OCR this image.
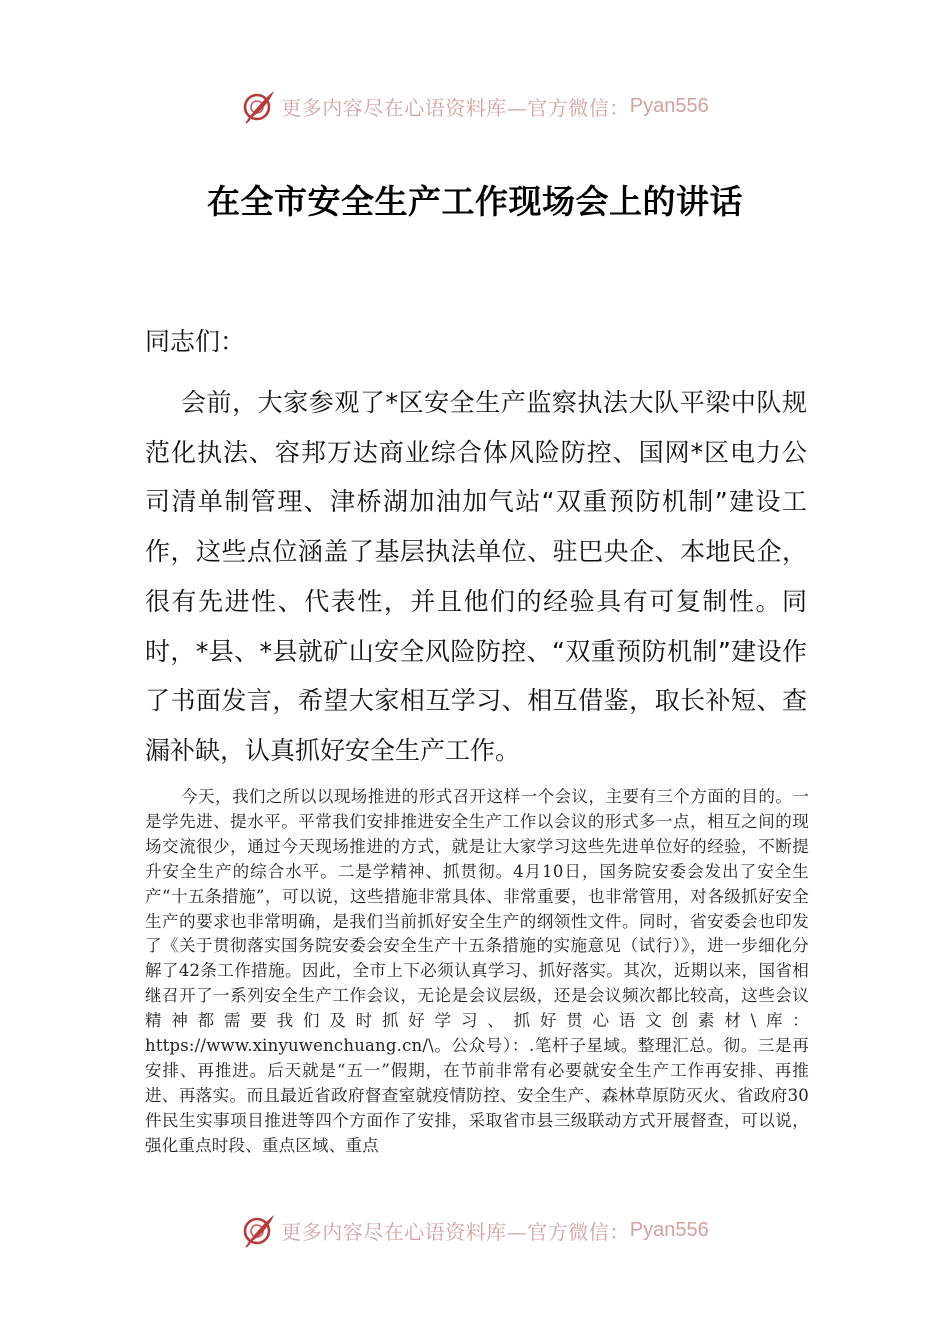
更多内容尽在心语资料库—官方微信： Pyan556
在全市安全生产工作现场会上的讲话
同志们：

会前，大家参观了*区安全生产监察执法大队平梁中队规范化执法、容邦万达商业综合体风险防控、国网*区电力公司清单制管理、津桥湖加油加气站“双重预防机制”建设工作，这些点位涵盖了基层执法单位、驻巴央企、本地民企，很有先进性、代表性，并且他们的经验具有可复制性。同时，*县、*县就矿山安全风险防控、“双重预防机制”建设作了书面发言，希望大家相互学习、相互借鉴，取长补短、查漏补缺，认真抓好安全生产工作。

今天，我们之所以以现场推进的形式召开这样一个会议，主要有三个方面的目的。一是学先进、提水平。平常我们安排推进安全生产工作以会议的形式多一点，相互之间的现场交流很少，通过今天现场推进的方式，就是让大家学习这些先进单位好的经验，不断提升安全生产的综合水平。二是学精神、抓贯彻。4月10日，国务院安委会发出了安全生产“十五条措施”，可以说，这些措施非常具体、非常重要，也非常管用，对各级抓好安全生产的要求也非常明确，是我们当前抓好安全生产的纲领性文件。同时，省安委会也印发了《关于贯彻落实国务院安委会安全生产十五条措施的实施意见（试行）》，进一步细化分解了42条工作措施。因此，全市上下必须认真学习、抓好落实。其次，近期以来，国省相继召开了一系列安全生产工作会议，无论是会议层级，还是会议频次都比较高，这些会议精神都需要我们及时抓好学习、抓好贯心语文创素材\库：https://www.xinyuwenchuang.cn/\。公众号）：.笔杆子星域。整理汇总。彻。三是再安排、再推进。后天就是“五一”假期，在节前非常有必要就安全生产工作再安排、再推进、再落实。而且最近省政府督查室就疫情防控、安全生产、森林草原防灭火、省政府30件民生实事项目推进等四个方面作了安排，采取省市县三级联动方式开展督查，可以说，强化重点时段、重点区域、重点

更多内容尽在心语资料库—官方微信： Pyan556
